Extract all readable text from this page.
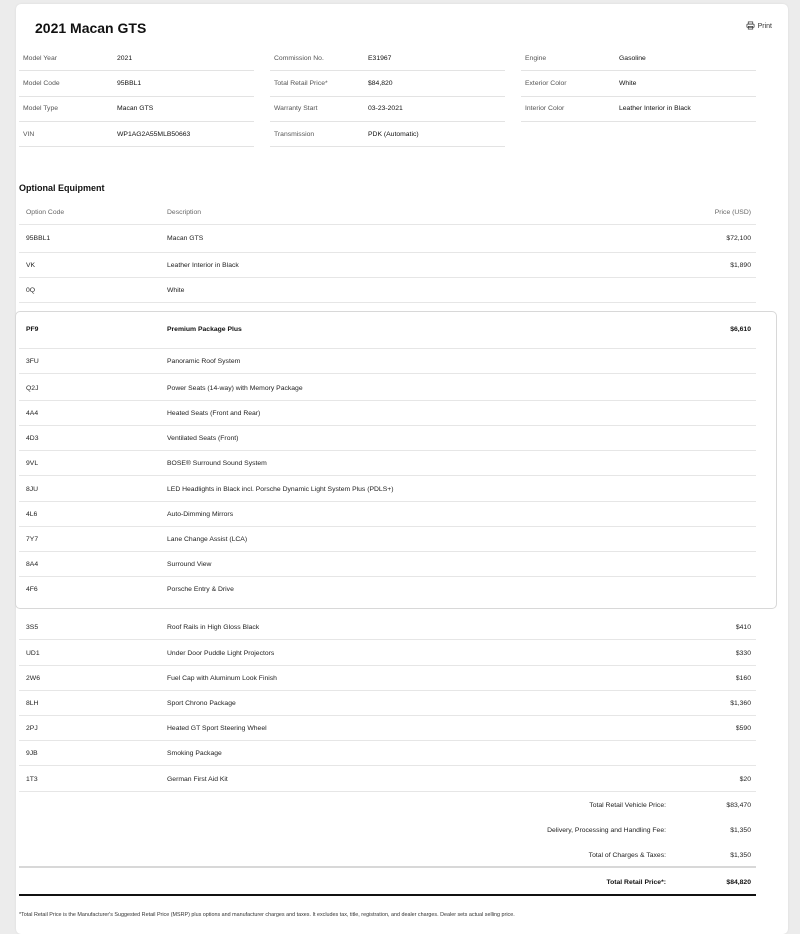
2021 Macan GTS	Print
Model Year	2021
Model Code	95BBL1
Model Type	Macan GTS
VIN	WP1AG2A55MLB50663
Commission No.	E31967
Total Retail Price*	$84,820
Warranty Start	03-23-2021
Transmission	PDK (Automatic)
Engine	Gasoline
Exterior Color	White
Interior Color	Leather Interior in Black
Optional Equipment
Option Code	Description	Price (USD)
95BBL1	Macan GTS	$72,100
VK	Leather Interior in Black	$1,890
0Q	White
PF9	Premium Package Plus	$6,610
3FU	Panoramic Roof System
Q2J	Power Seats (14-way) with Memory Package
4A4	Heated Seats (Front and Rear)
4D3	Ventilated Seats (Front)
9VL	BOSE® Surround Sound System
8JU	LED Headlights in Black incl. Porsche Dynamic Light System Plus (PDLS+)
4L6	Auto-Dimming Mirrors
7Y7	Lane Change Assist (LCA)
8A4	Surround View
4F6	Porsche Entry & Drive
3S5	Roof Rails in High Gloss Black	$410
UD1	Under Door Puddle Light Projectors	$330
2W6	Fuel Cap with Aluminum Look Finish	$160
8LH	Sport Chrono Package	$1,360
2PJ	Heated GT Sport Steering Wheel	$590
9JB	Smoking Package
1T3	German First Aid Kit	$20
Total Retail Vehicle Price:	$83,470
Delivery, Processing and Handling Fee:	$1,350
Total of Charges & Taxes:	$1,350
Total Retail Price*:	$84,820
*Total Retail Price is the Manufacturer's Suggested Retail Price (MSRP) plus options and manufacturer charges and taxes. It excludes tax, title, registration, and dealer charges. Dealer sets actual selling price.
